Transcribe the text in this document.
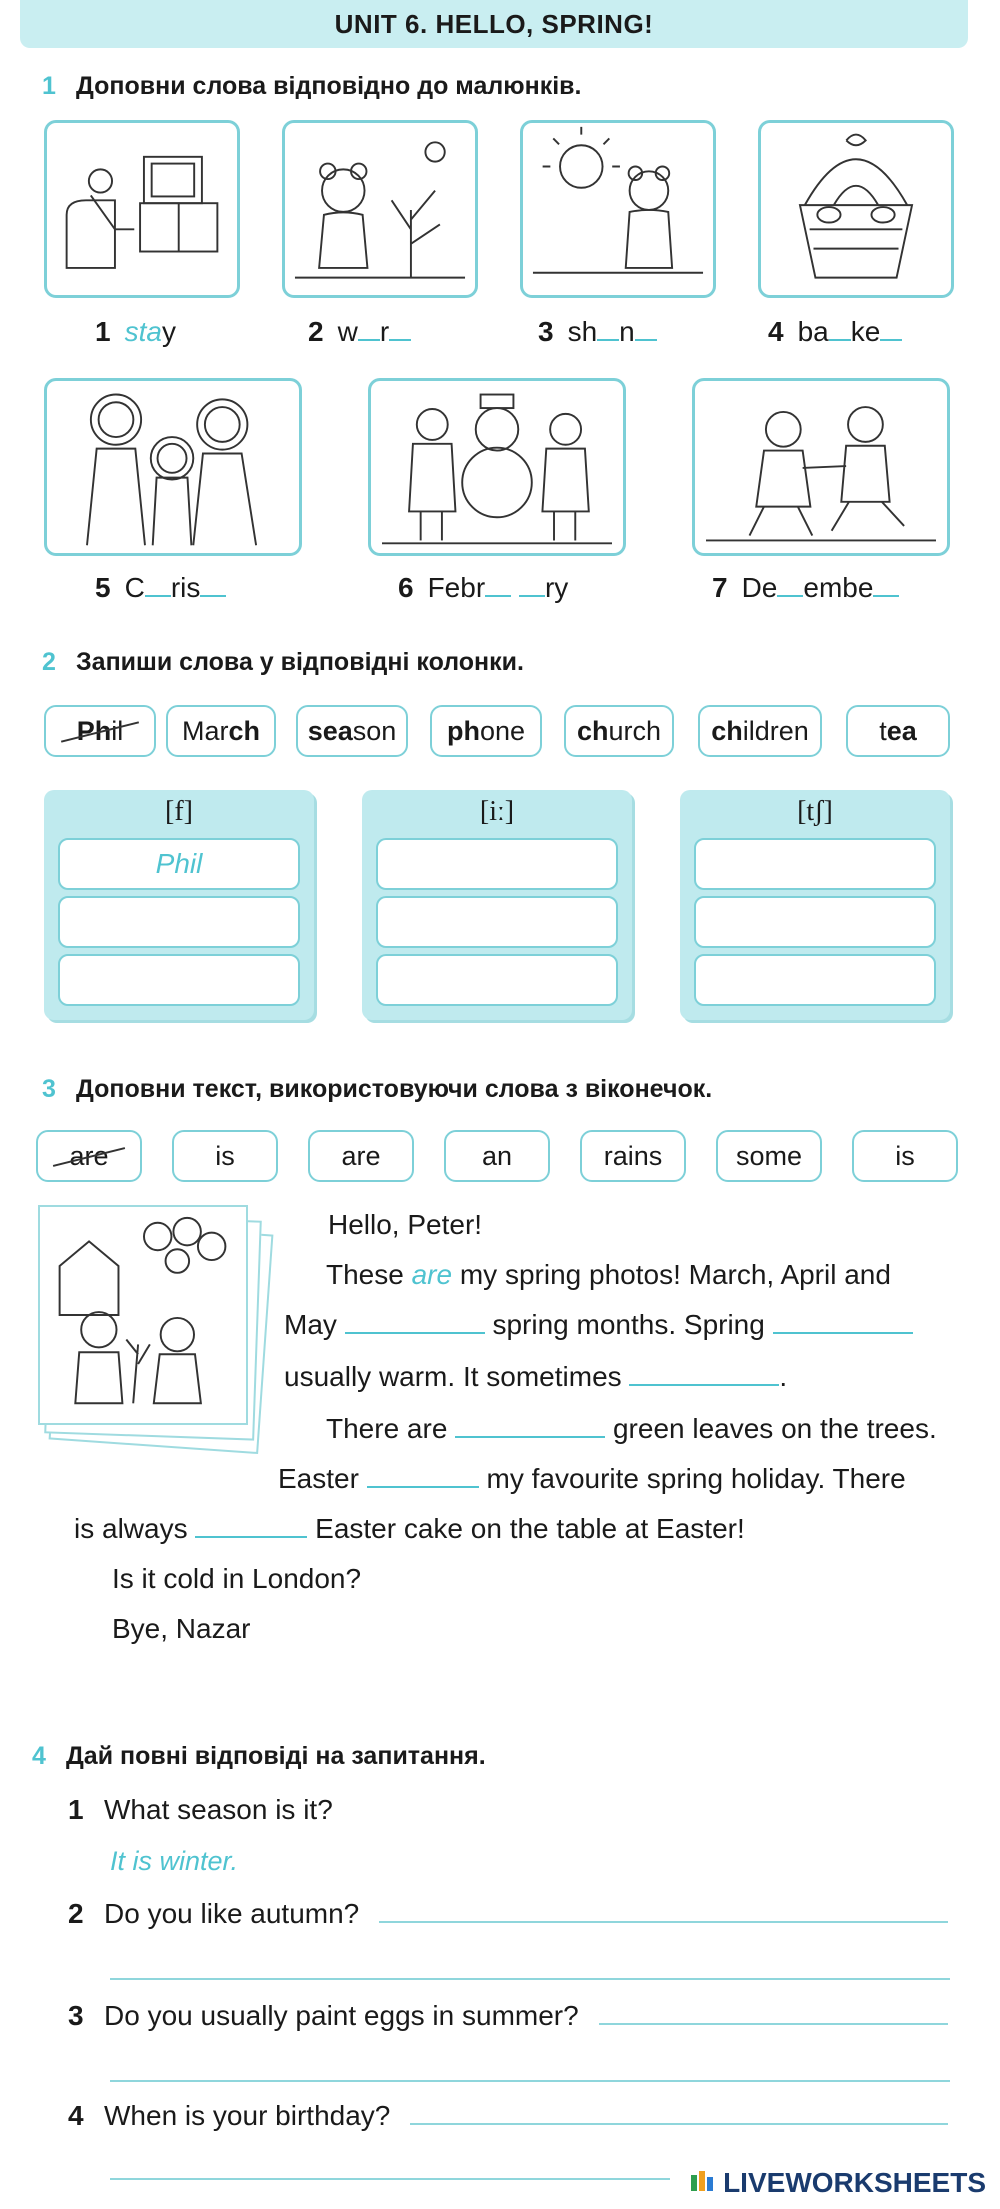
UNIT 6. HELLO, SPRING!
1 Доповни слова відповідно до малюнків.
1 stay	2 w r	3 sh n	4 ba ke
5 C ris	6 Febr ry	7 De embe
2 Запиши слова у відповідні колонки.
Ph il Mar ch sea son ph one ch urch ch ildren	t ea
[f]
Phil
[iː]	[tʃ]
3 Доповни текст, використовуючи слова з віконечок.
are	is	are	an	rains	some	is
Hello, Peter!
These are my spring photos! March, April and
May	spring months. Spring
usually warm. It sometimes	.
There are	green leaves on the trees.
Easter	my favourite spring holiday. There
is always	Easter cake on the table at Easter!
Is it cold in London?
Bye, Nazar
4 Дай повні відповіді на запитання.
1 What season is it?
It is winter.
2 Do you like autumn?
3 Do you usually paint eggs in summer?
4 When is your birthday?
LIVEWORKSHEETS
